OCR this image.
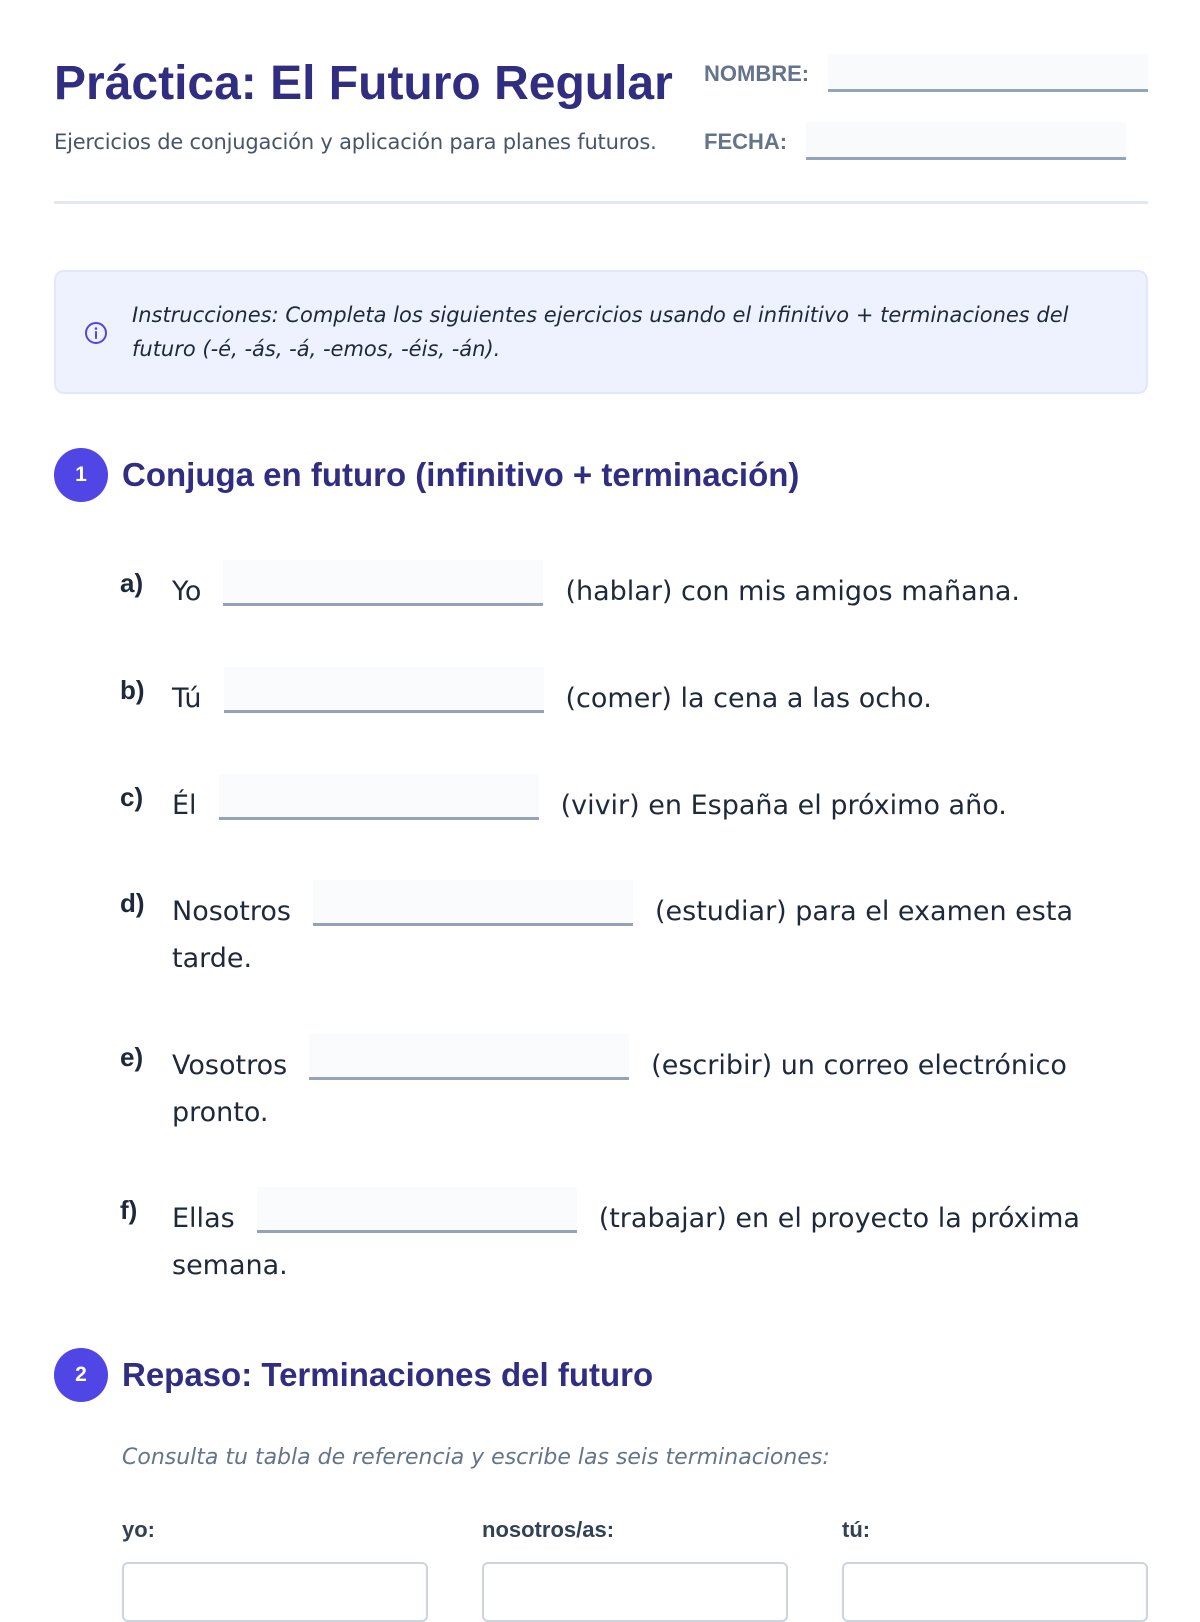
Práctica: El Futuro Regular
Ejercicios de conjugación y aplicación para planes futuros.
NOMBRE:
FECHA:
Instrucciones: Completa los siguientes ejercicios usando el infinitivo + terminaciones del futuro (-é, -ás, -á, -emos, -éis, -án).
1	Conjuga en futuro (infinitivo + terminación)
a) Yo	(hablar) con mis amigos mañana.
b) Tú	(comer) la cena a las ocho.
c) Él	(vivir) en España el próximo año.
d) Nosotros	(estudiar) para el examen esta tarde.
e) Vosotros	(escribir) un correo electrónico pronto.
f) Ellas	(trabajar) en el proyecto la próxima semana.
2	Repaso: Terminaciones del futuro
Consulta tu tabla de referencia y escribe las seis terminaciones:
yo:	nosotros/as:	tú:
